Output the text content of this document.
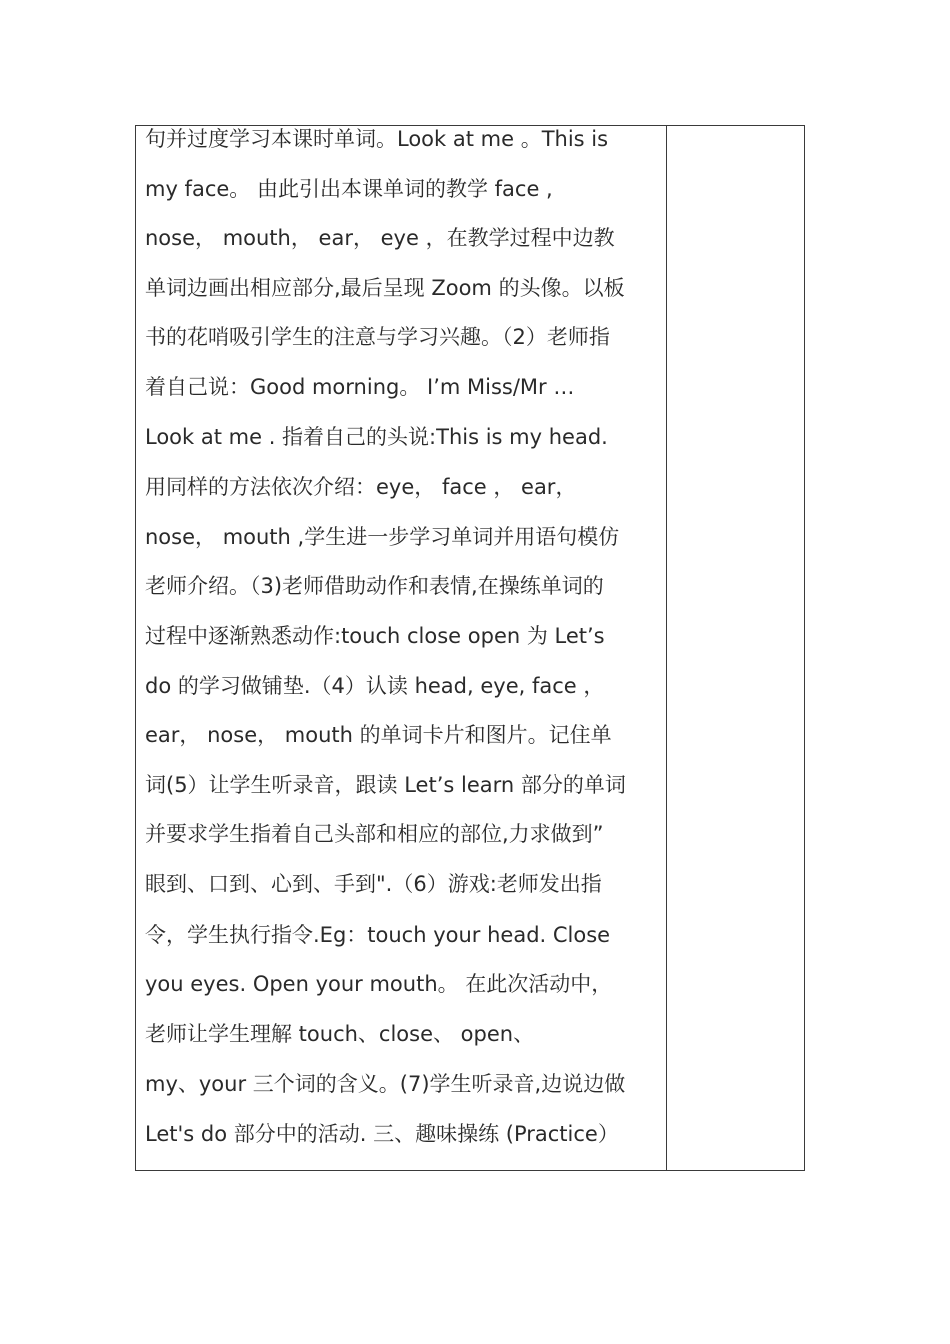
句并过度学习本课时单词。Look at me 。This is
my face。 由此引出本课单词的教学 face ,
nose， mouth， ear， eye ，在教学过程中边教
单词边画出相应部分,最后呈现 Zoom 的头像。以板
书的花哨吸引学生的注意与学习兴趣。（2）老师指
着自己说：Good morning。 I’m Miss/Mr …
Look at me . 指着自己的头说:This is my head.
用同样的方法依次介绍：eye， face ， ear，
nose， mouth ,学生进一步学习单词并用语句模仿
老师介绍。（3)老师借助动作和表情,在操练单词的
过程中逐渐熟悉动作:touch close open 为 Let’s
do 的学习做铺垫.（4）认读 head, eye, face ，
ear， nose， mouth 的单词卡片和图片。记住单
词(5）让学生听录音，跟读 Let’s learn 部分的单词
并要求学生指着自己头部和相应的部位,力求做到”
眼到、口到、心到、手到".（6）游戏:老师发出指
令，学生执行指令.Eg：touch your head. Close
you eyes. Open your mouth。 在此次活动中，
老师让学生理解 touch、close、 open、
my、your 三个词的含义。(7)学生听录音,边说边做
Let's do 部分中的活动. 三、趣味操练 (Practice）
